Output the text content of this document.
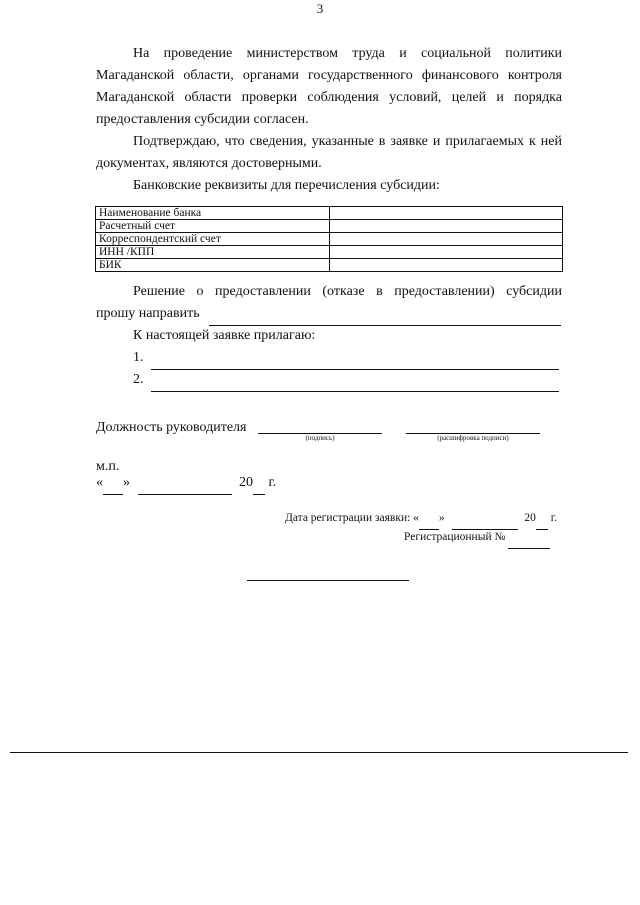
3

На проведение министерством труда и социальной политики Магаданской области, органами государственного финансового контроля Магаданской области проверки соблюдения условий, целей и порядка предоставления субсидии согласен.

Подтверждаю, что сведения, указанные в заявке и прилагаемых к ней документах, являются достоверными.

Банковские реквизиты для перечисления субсидии:

Наименование банка	
Расчетный счет	
Корреспондентский счет	
ИНН /КПП	
БИК	

Решение о предоставлении (отказе в предоставлении) субсидии

прошу направить
К настоящей заявке прилагаю:
1.
2.
Должность руководителя
(подпись)	(расшифровка подписи)
м.п.
« »	20 г.
Дата регистрации заявки: « »	20 г.
Регистрационный №
